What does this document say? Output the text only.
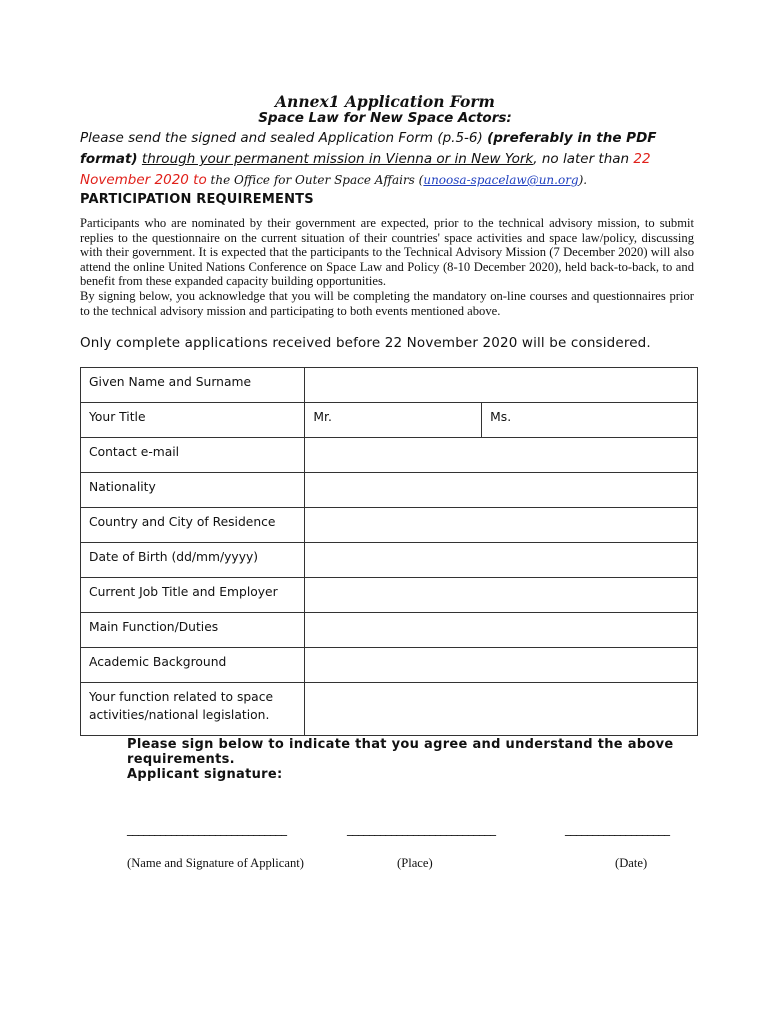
Annex1 Application Form
Space Law for New Space Actors:
Please send the signed and sealed Application Form (p.5-6) (preferably in the PDF format) through your permanent mission in Vienna or in New York, no later than 22 November 2020 to the Office for Outer Space Affairs (unoosa-spacelaw@un.org).
PARTICIPATION REQUIREMENTS

Participants who are nominated by their government are expected, prior to the technical advisory mission, to submit replies to the questionnaire on the current situation of their countries' space activities and space law/policy, discussing with their government. It is expected that the participants to the Technical Advisory Mission (7 December 2020) will also attend the online United Nations Conference on Space Law and Policy (8-10 December 2020), held back-to-back, to and benefit from these expanded capacity building opportunities.

By signing below, you acknowledge that you will be completing the mandatory on-line courses and questionnaires prior to the technical advisory mission and participating to both events mentioned above.

Only complete applications received before 22 November 2020 will be considered.
Given Name and Surname		
Your Title	Mr.	Ms.
Contact e-mail		
Nationality		
Country and City of Residence		
Date of Birth (dd/mm/yyyy)		
Current Job Title and Employer		
Main Function/Duties		
Academic Background		
Your function related to space activities/national legislation.		
Please sign below to indicate that you agree and understand the above requirements.
Applicant signature:
_____________________________	___________________________	___________________
(Name and Signature of Applicant)	(Place)	(Date)
